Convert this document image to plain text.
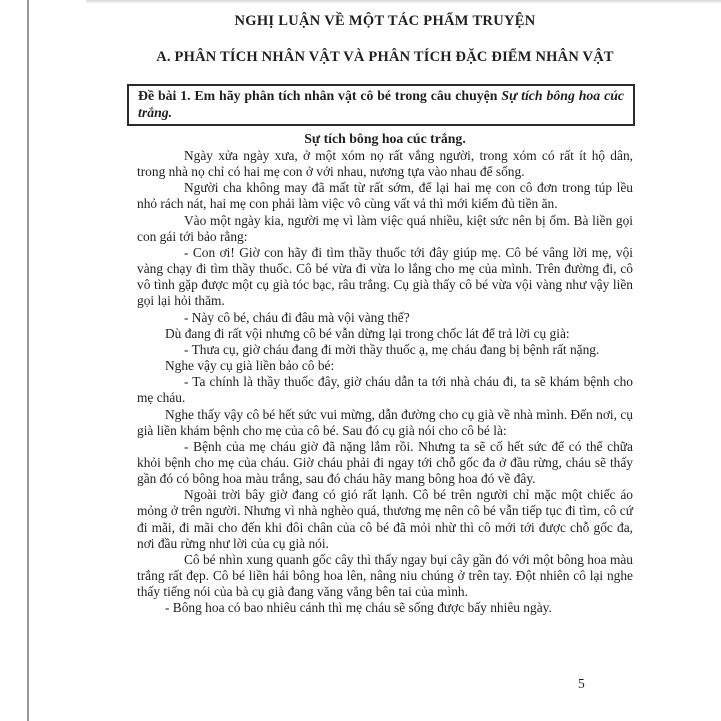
NGHỊ LUẬN VỀ MỘT TÁC PHẨM TRUYỆN
A. PHÂN TÍCH NHÂN VẬT VÀ PHÂN TÍCH ĐẶC ĐIỂM NHÂN VẬT
Đề bài 1. Em hãy phân tích nhân vật cô bé trong câu chuyện Sự tích bông hoa cúc trắng.
Sự tích bông hoa cúc trắng.

Ngày xửa ngày xưa, ở một xóm nọ rất vắng người, trong xóm có rất ít hộ dân, trong nhà nọ chỉ có hai mẹ con ở với nhau, nương tựa vào nhau để sống.

Người cha không may đã mất từ rất sớm, để lại hai mẹ con cô đơn trong túp lều nhỏ rách nát, hai mẹ con phải làm việc vô cùng vất vả thì mới kiếm đủ tiền ăn.

Vào một ngày kia, người mẹ vì làm việc quá nhiều, kiệt sức nên bị ốm. Bà liền gọi con gái tới bảo rằng:

- Con ơi! Giờ con hãy đi tìm thầy thuốc tới đây giúp mẹ. Cô bé vâng lời mẹ, vội vàng chạy đi tìm thầy thuốc. Cô bé vừa đi vừa lo lắng cho mẹ của mình. Trên đường đi, cô vô tình gặp được một cụ già tóc bạc, râu trắng. Cụ già thấy cô bé vừa vội vàng như vậy liền gọi lại hỏi thăm.

- Này cô bé, cháu đi đâu mà vội vàng thế?

Dù đang đi rất vội nhưng cô bé vẫn dừng lại trong chốc lát để trả lời cụ già:

- Thưa cụ, giờ cháu đang đi mời thầy thuốc ạ, mẹ cháu đang bị bệnh rất nặng.

Nghe vậy cụ già liền bảo cô bé:

- Ta chính là thầy thuốc đây, giờ cháu dẫn ta tới nhà cháu đi, ta sẽ khám bệnh cho mẹ cháu.

Nghe thấy vậy cô bé hết sức vui mừng, dẫn đường cho cụ già về nhà mình. Đến nơi, cụ già liền khám bệnh cho mẹ của cô bé. Sau đó cụ già nói cho cô bé là:

- Bệnh của mẹ cháu giờ đã nặng lắm rồi. Nhưng ta sẽ cố hết sức để có thể chữa khỏi bệnh cho mẹ của cháu. Giờ cháu phải đi ngay tới chỗ gốc đa ở đầu rừng, cháu sẽ thấy gần đó có bông hoa màu trắng, sau đó cháu hãy mang bông hoa đó về đây.

Ngoài trời bây giờ đang có gió rất lạnh. Cô bé trên người chỉ mặc một chiếc áo mỏng ở trên người. Nhưng vì nhà nghèo quá, thương mẹ nên cô bé vẫn tiếp tục đi tìm, cô cứ đi mãi, đi mãi cho đến khi đôi chân của cô bé đã mỏi nhừ thì cô mới tới được chỗ gốc đa, nơi đầu rừng như lời của cụ già nói.

Cô bé nhìn xung quanh gốc cây thì thấy ngay bụi cây gần đó với một bông hoa màu trắng rất đẹp. Cô bé liền hái bông hoa lên, nâng niu chúng ở trên tay. Đột nhiên cô lại nghe thấy tiếng nói của bà cụ già đang văng vẳng bên tai của mình.

- Bông hoa có bao nhiêu cánh thì mẹ cháu sẽ sống được bấy nhiêu ngày.

5
